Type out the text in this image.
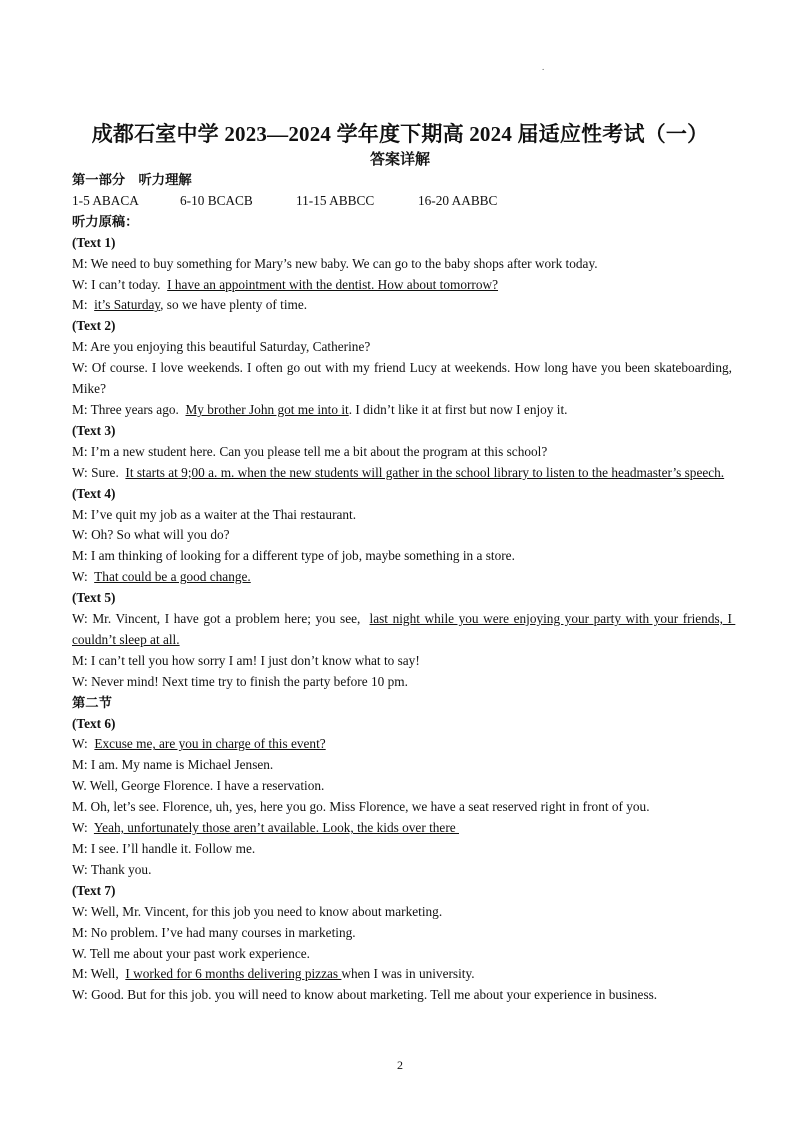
.
成都石室中学 2023—2024 学年度下期高 2024 届适应性考试（一）
答案详解
第一部分　听力理解
1-5 ABACA	6-10 BCACB	11-15 ABBCC	16-20 AABBC
听力原稿：
(Text 1)
M: We need to buy something for Mary’s new baby. We can go to the baby shops after work today.
W: I can’t today.  I have an appointment with the dentist. How about tomorrow?
M:  it’s Saturday, so we have plenty of time.
(Text 2)
M: Are you enjoying this beautiful Saturday, Catherine?
W: Of course. I love weekends. I often go out with my friend Lucy at weekends. How long have you been skateboarding, Mike?
M: Three years ago.  My brother John got me into it. I didn’t like it at first but now I enjoy it.
(Text 3)
M: I’m a new student here. Can you please tell me a bit about the program at this school?
W: Sure.  It starts at 9;00 a. m. when the new students will gather in the school library to listen to the headmaster’s speech.
(Text 4)
M: I’ve quit my job as a waiter at the Thai restaurant.
W: Oh? So what will you do?
M: I am thinking of looking for a different type of job, maybe something in a store.
W:  That could be a good change.
(Text 5)
W: Mr. Vincent, I have got a problem here; you see,  last night while you were enjoying your party with your friends, I couldn’t sleep at all.
M: I can’t tell you how sorry I am! I just don’t know what to say!
W: Never mind! Next time try to finish the party before 10 pm.
第二节
(Text 6)
W:  Excuse me, are you in charge of this event?
M: I am. My name is Michael Jensen.
W. Well, George Florence. I have a reservation.
M. Oh, let’s see. Florence, uh, yes, here you go. Miss Florence, we have a seat reserved right in front of you.
W:  Yeah, unfortunately those aren’t available. Look, the kids over there
M: I see. I’ll handle it. Follow me.
W: Thank you.
(Text 7)
W: Well, Mr. Vincent, for this job you need to know about marketing.
M: No problem. I’ve had many courses in marketing.
W. Tell me about your past work experience.
M: Well,  I worked for 6 months delivering pizzas when I was in university.
W: Good. But for this job. you will need to know about marketing. Tell me about your experience in business.
2
